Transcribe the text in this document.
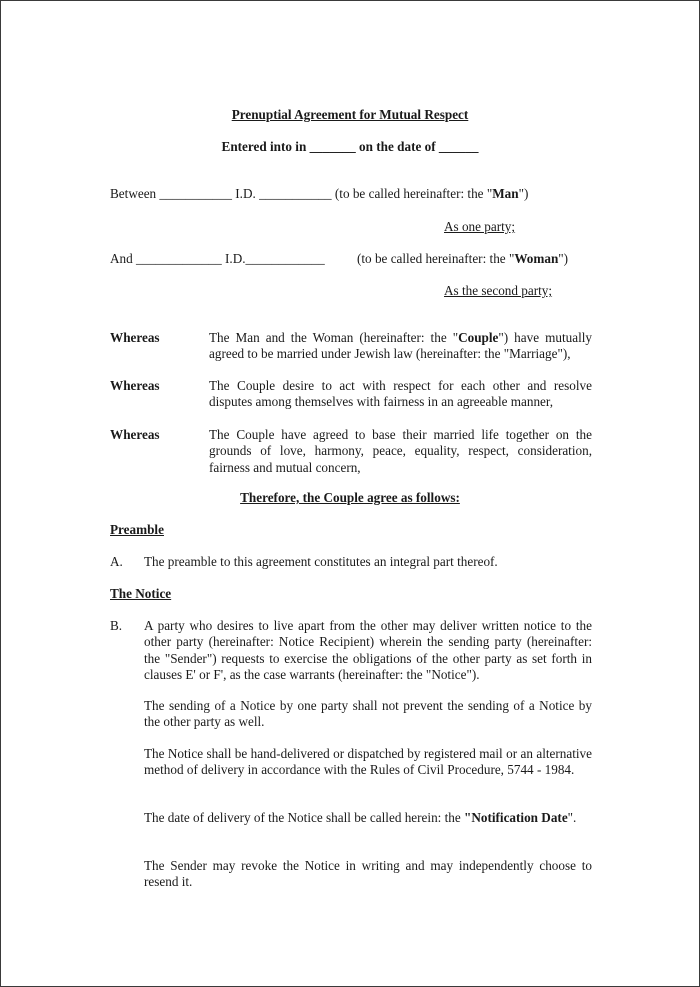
Prenuptial Agreement for Mutual Respect

Entered into in _______ on the date of ______

Between ___________ I.D. ___________ (to be called hereinafter: the "Man")

As one party;

And _____________ I.D.____________ (to be called hereinafter: the "Woman")

As the second party;

Whereas	The Man and the Woman (hereinafter: the "Couple") have mutually agreed to be married under Jewish law (hereinafter: the "Marriage"),

Whereas	The Couple desire to act with respect for each other and resolve disputes among themselves with fairness in an agreeable manner,

Whereas	The Couple have agreed to base their married life together on the grounds of love, harmony, peace, equality, respect, consideration, fairness and mutual concern,

Therefore, the Couple agree as follows:

Preamble

A. The preamble to this agreement constitutes an integral part thereof.

The Notice

B. A party who desires to live apart from the other may deliver written notice to the other party (hereinafter: Notice Recipient) wherein the sending party (hereinafter: the "Sender") requests to exercise the obligations of the other party as set forth in clauses E' or F', as the case warrants (hereinafter: the "Notice").

The sending of a Notice by one party shall not prevent the sending of a Notice by the other party as well.

The Notice shall be hand-delivered or dispatched by registered mail or an alternative method of delivery in accordance with the Rules of Civil Procedure, 5744 - 1984.

The date of delivery of the Notice shall be called herein: the "Notification Date".

The Sender may revoke the Notice in writing and may independently choose to resend it.
